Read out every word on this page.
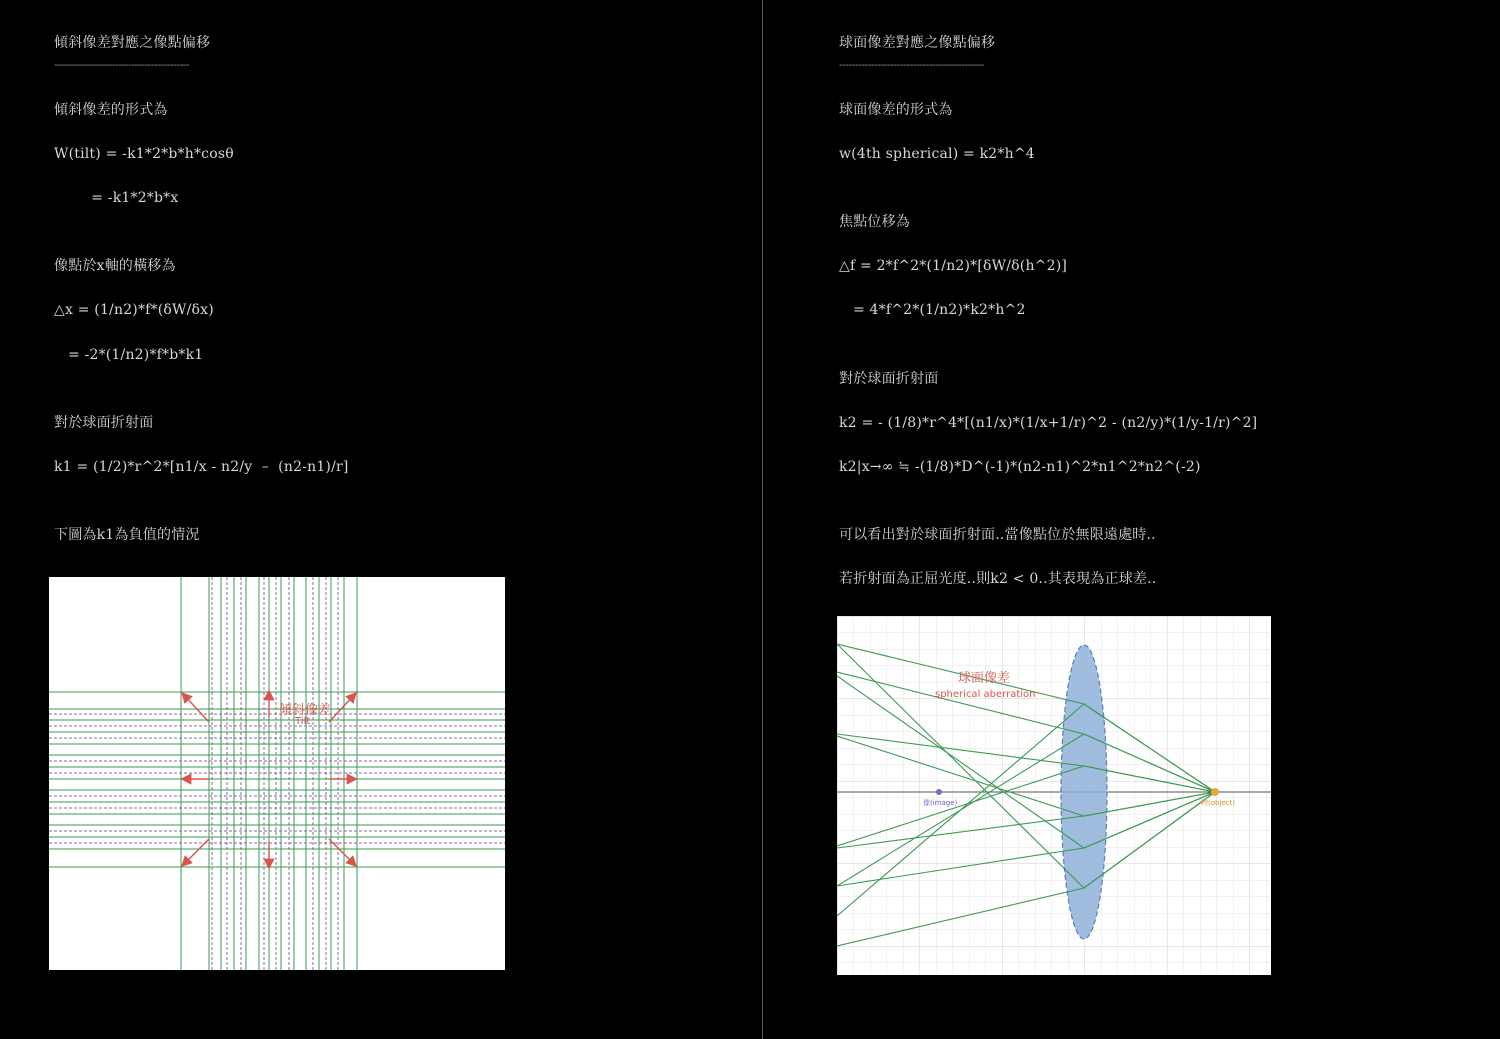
傾斜像差對應之像點偏移
------------------------------------------
傾斜像差的形式為
W(tilt) = -k1*2*b*h*cosθ
= -k1*2*b*x
像點於x軸的橫移為
△x = (1/n2)*f*(δW/δx)
= -2*(1/n2)*f*b*k1
對於球面折射面
k1 = (1/2)*r^2*[n1/x - n2/y  –  (n2-n1)/r]
下圖為k1為負值的情況
傾斜像差
Tilt
球面像差對應之像點偏移
---------------------------------------------
球面像差的形式為
w(4th spherical) = k2*h^4
焦點位移為
△f = 2*f^2*(1/n2)*[δW/δ(h^2)]
= 4*f^2*(1/n2)*k2*h^2
對於球面折射面
k2 = - (1/8)*r^4*[(n1/x)*(1/x+1/r)^2 - (n2/y)*(1/y-1/r)^2]
k2|x→∞ ≒ -(1/8)*D^(-1)*(n2-n1)^2*n1^2*n2^(-2)
可以看出對於球面折射面..當像點位於無限遠處時..
若折射面為正屈光度..則k2 < 0..其表現為正球差..
像(image)	物(object)
球面像差
spherical aberration
